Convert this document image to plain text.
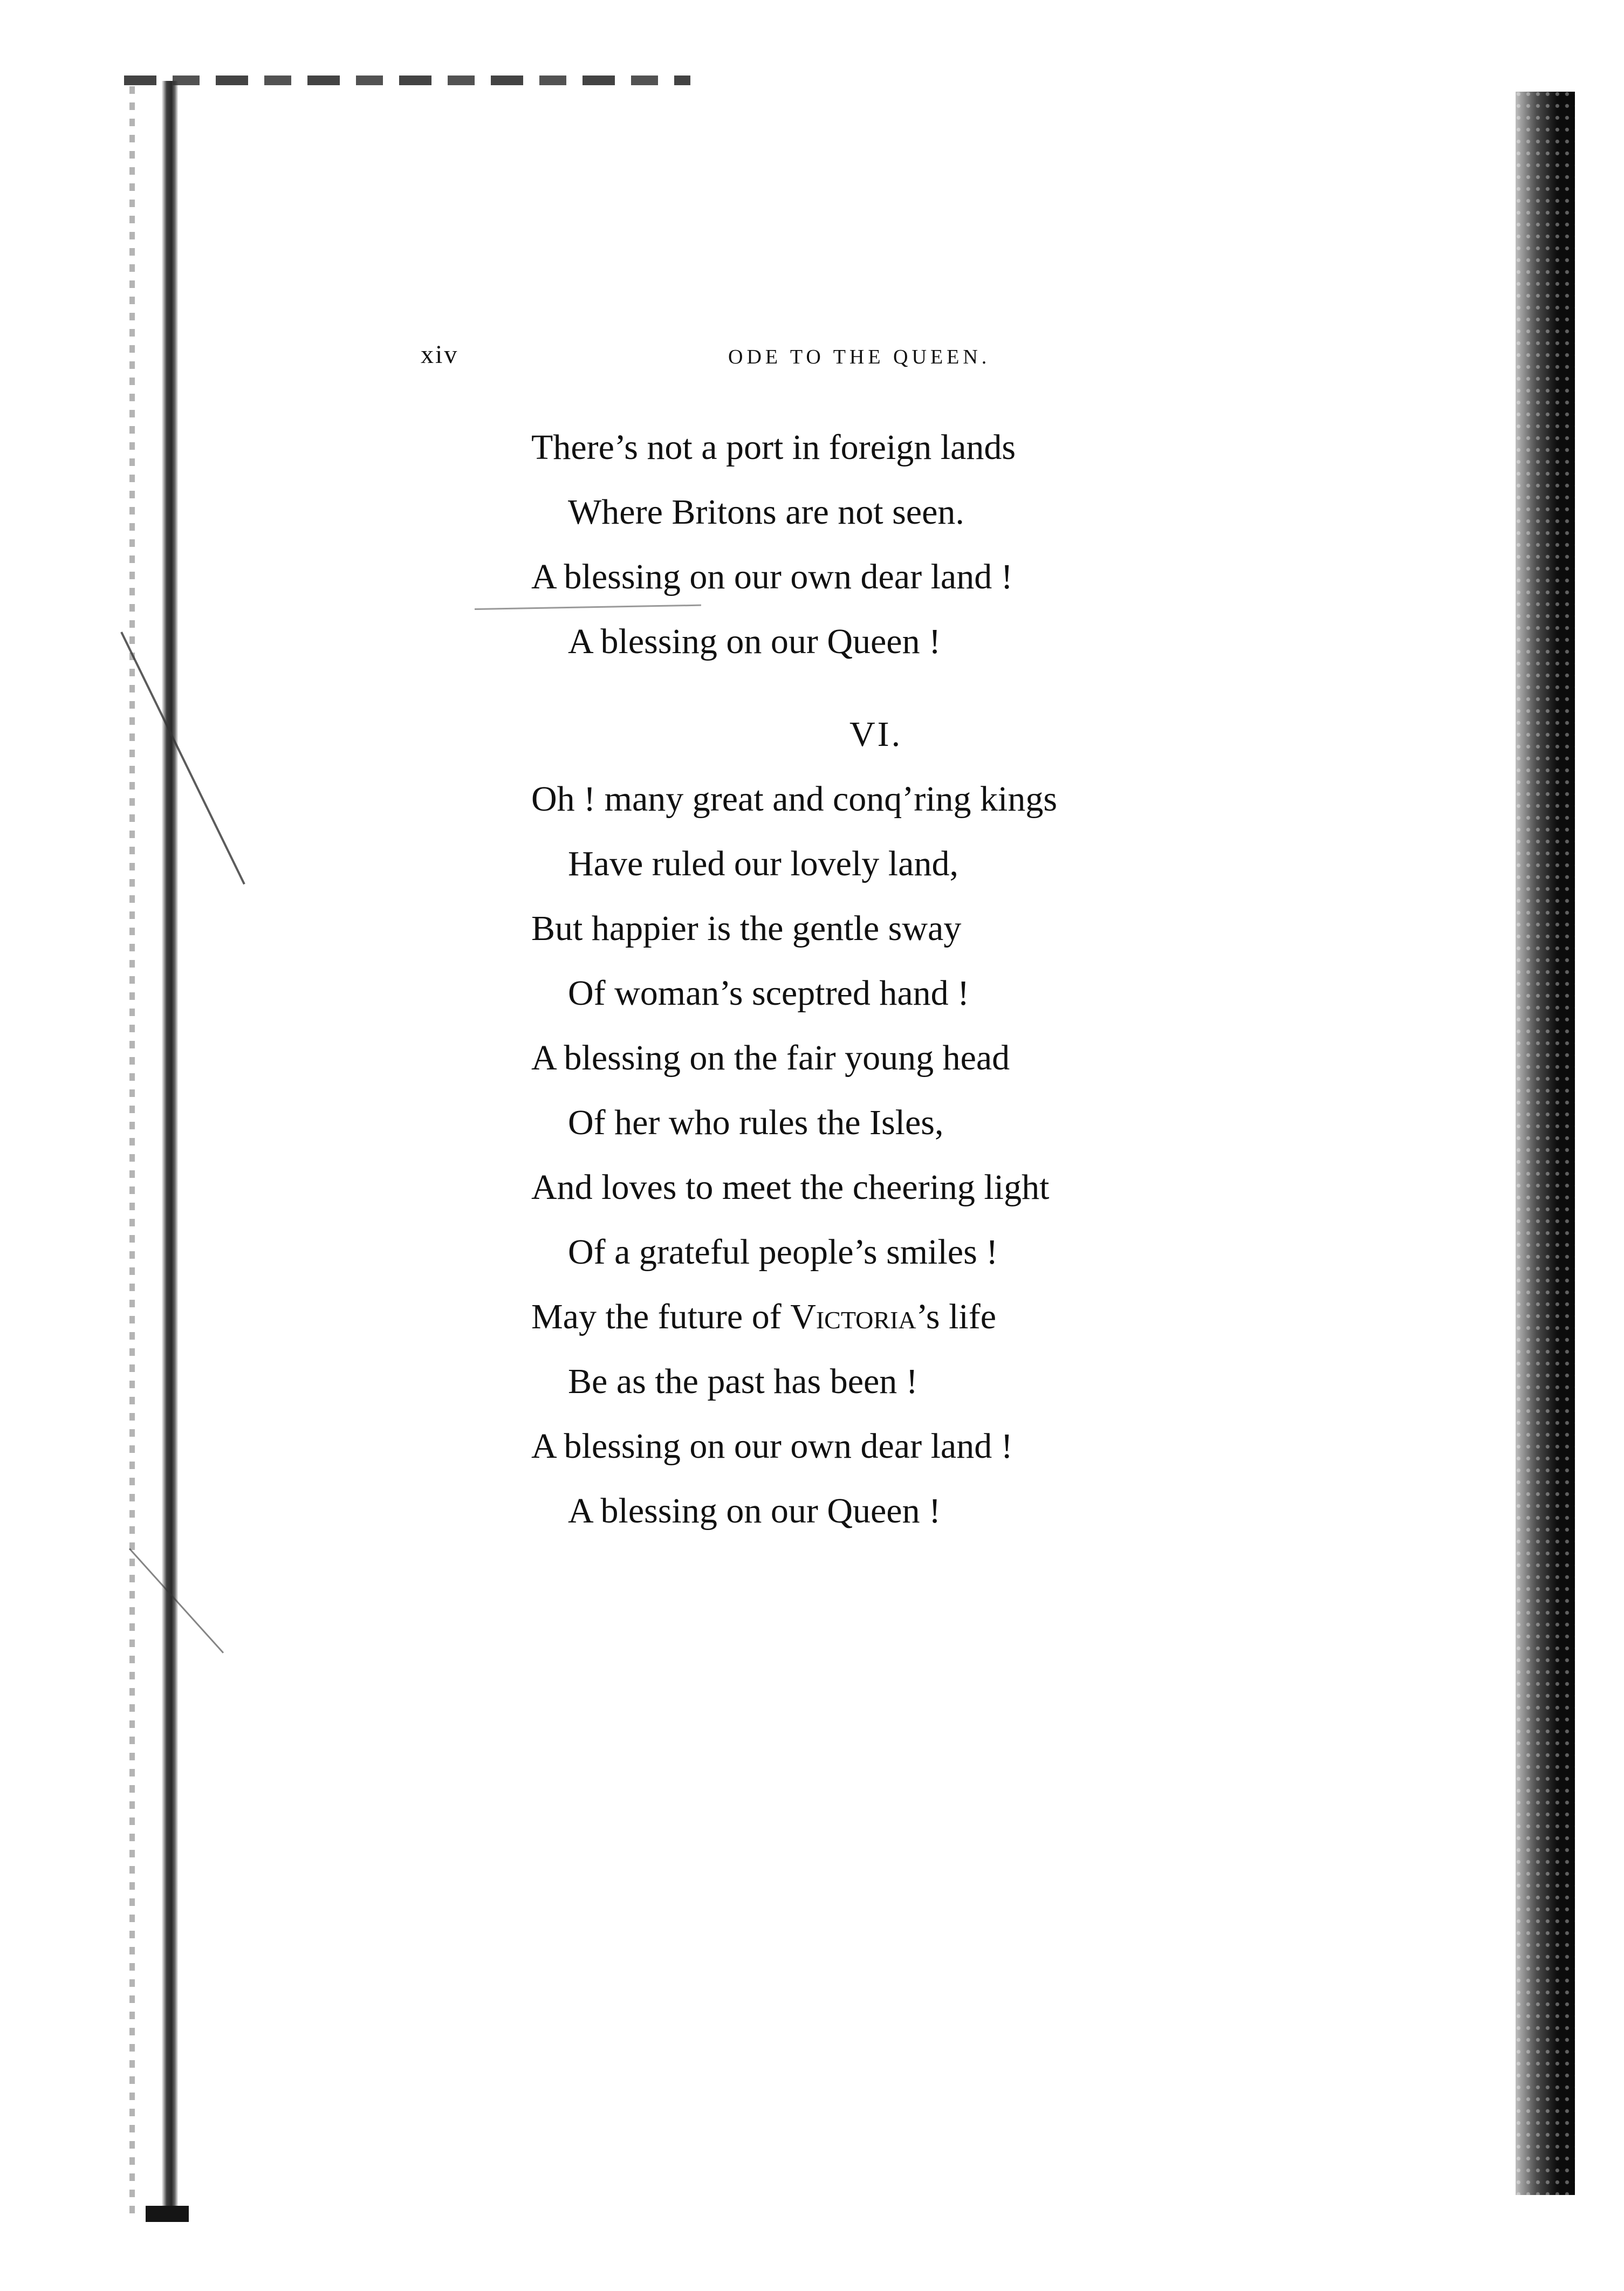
xiv	ODE TO THE QUEEN.
There’s not a port in foreign lands
Where Britons are not seen.
A blessing on our own dear land !
A blessing on our Queen !
VI.
Oh ! many great and conq’ring kings
Have ruled our lovely land,
But happier is the gentle sway
Of woman’s sceptred hand !
A blessing on the fair young head
Of her who rules the Isles,
And loves to meet the cheering light
Of a grateful people’s smiles !
May the future of Victoria’s life
Be as the past has been !
A blessing on our own dear land !
A blessing on our Queen !
